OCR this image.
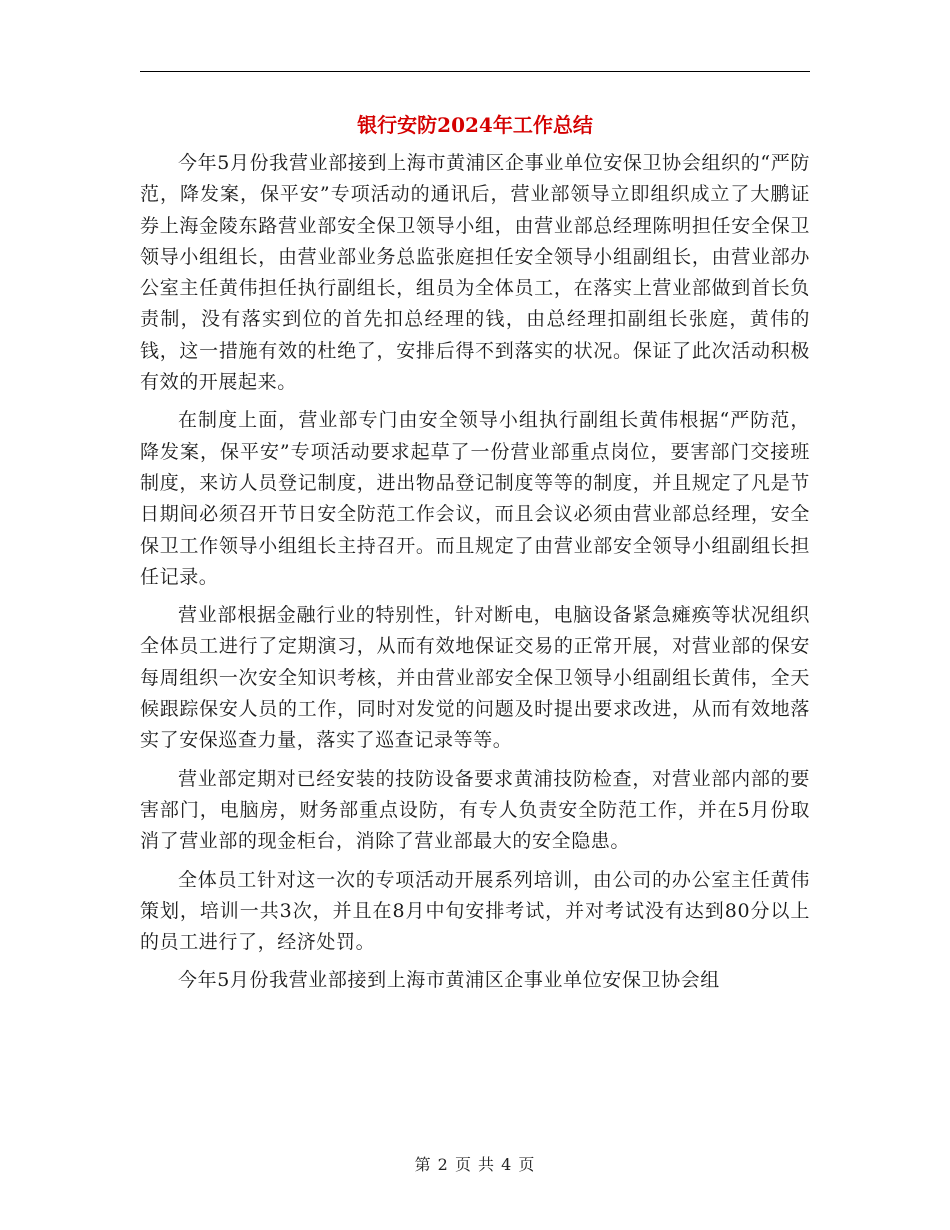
银行安防2024年工作总结

今年5月份我营业部接到上海市黄浦区企事业单位安保卫协会组织的“严防范，降发案，保平安”专项活动的通讯后，营业部领导立即组织成立了大鹏证券上海金陵东路营业部安全保卫领导小组，由营业部总经理陈明担任安全保卫领导小组组长，由营业部业务总监张庭担任安全领导小组副组长，由营业部办公室主任黄伟担任执行副组长，组员为全体员工，在落实上营业部做到首长负责制，没有落实到位的首先扣总经理的钱，由总经理扣副组长张庭，黄伟的钱，这一措施有效的杜绝了，安排后得不到落实的状况。保证了此次活动积极有效的开展起来。

在制度上面，营业部专门由安全领导小组执行副组长黄伟根据“严防范，降发案，保平安”专项活动要求起草了一份营业部重点岗位，要害部门交接班制度，来访人员登记制度，进出物品登记制度等等的制度，并且规定了凡是节日期间必须召开节日安全防范工作会议，而且会议必须由营业部总经理，安全保卫工作领导小组组长主持召开。而且规定了由营业部安全领导小组副组长担任记录。

营业部根据金融行业的特别性，针对断电，电脑设备紧急瘫痪等状况组织全体员工进行了定期演习，从而有效地保证交易的正常开展，对营业部的保安每周组织一次安全知识考核，并由营业部安全保卫领导小组副组长黄伟，全天候跟踪保安人员的工作，同时对发觉的问题及时提出要求改进，从而有效地落实了安保巡查力量，落实了巡查记录等等。

营业部定期对已经安装的技防设备要求黄浦技防检查，对营业部内部的要害部门，电脑房，财务部重点设防，有专人负责安全防范工作，并在5月份取消了营业部的现金柜台，消除了营业部最大的安全隐患。

全体员工针对这一次的专项活动开展系列培训，由公司的办公室主任黄伟策划，培训一共3次，并且在8月中旬安排考试，并对考试没有达到80分以上的员工进行了，经济处罚。

今年5月份我营业部接到上海市黄浦区企事业单位安保卫协会组

第 2 页 共 4 页
